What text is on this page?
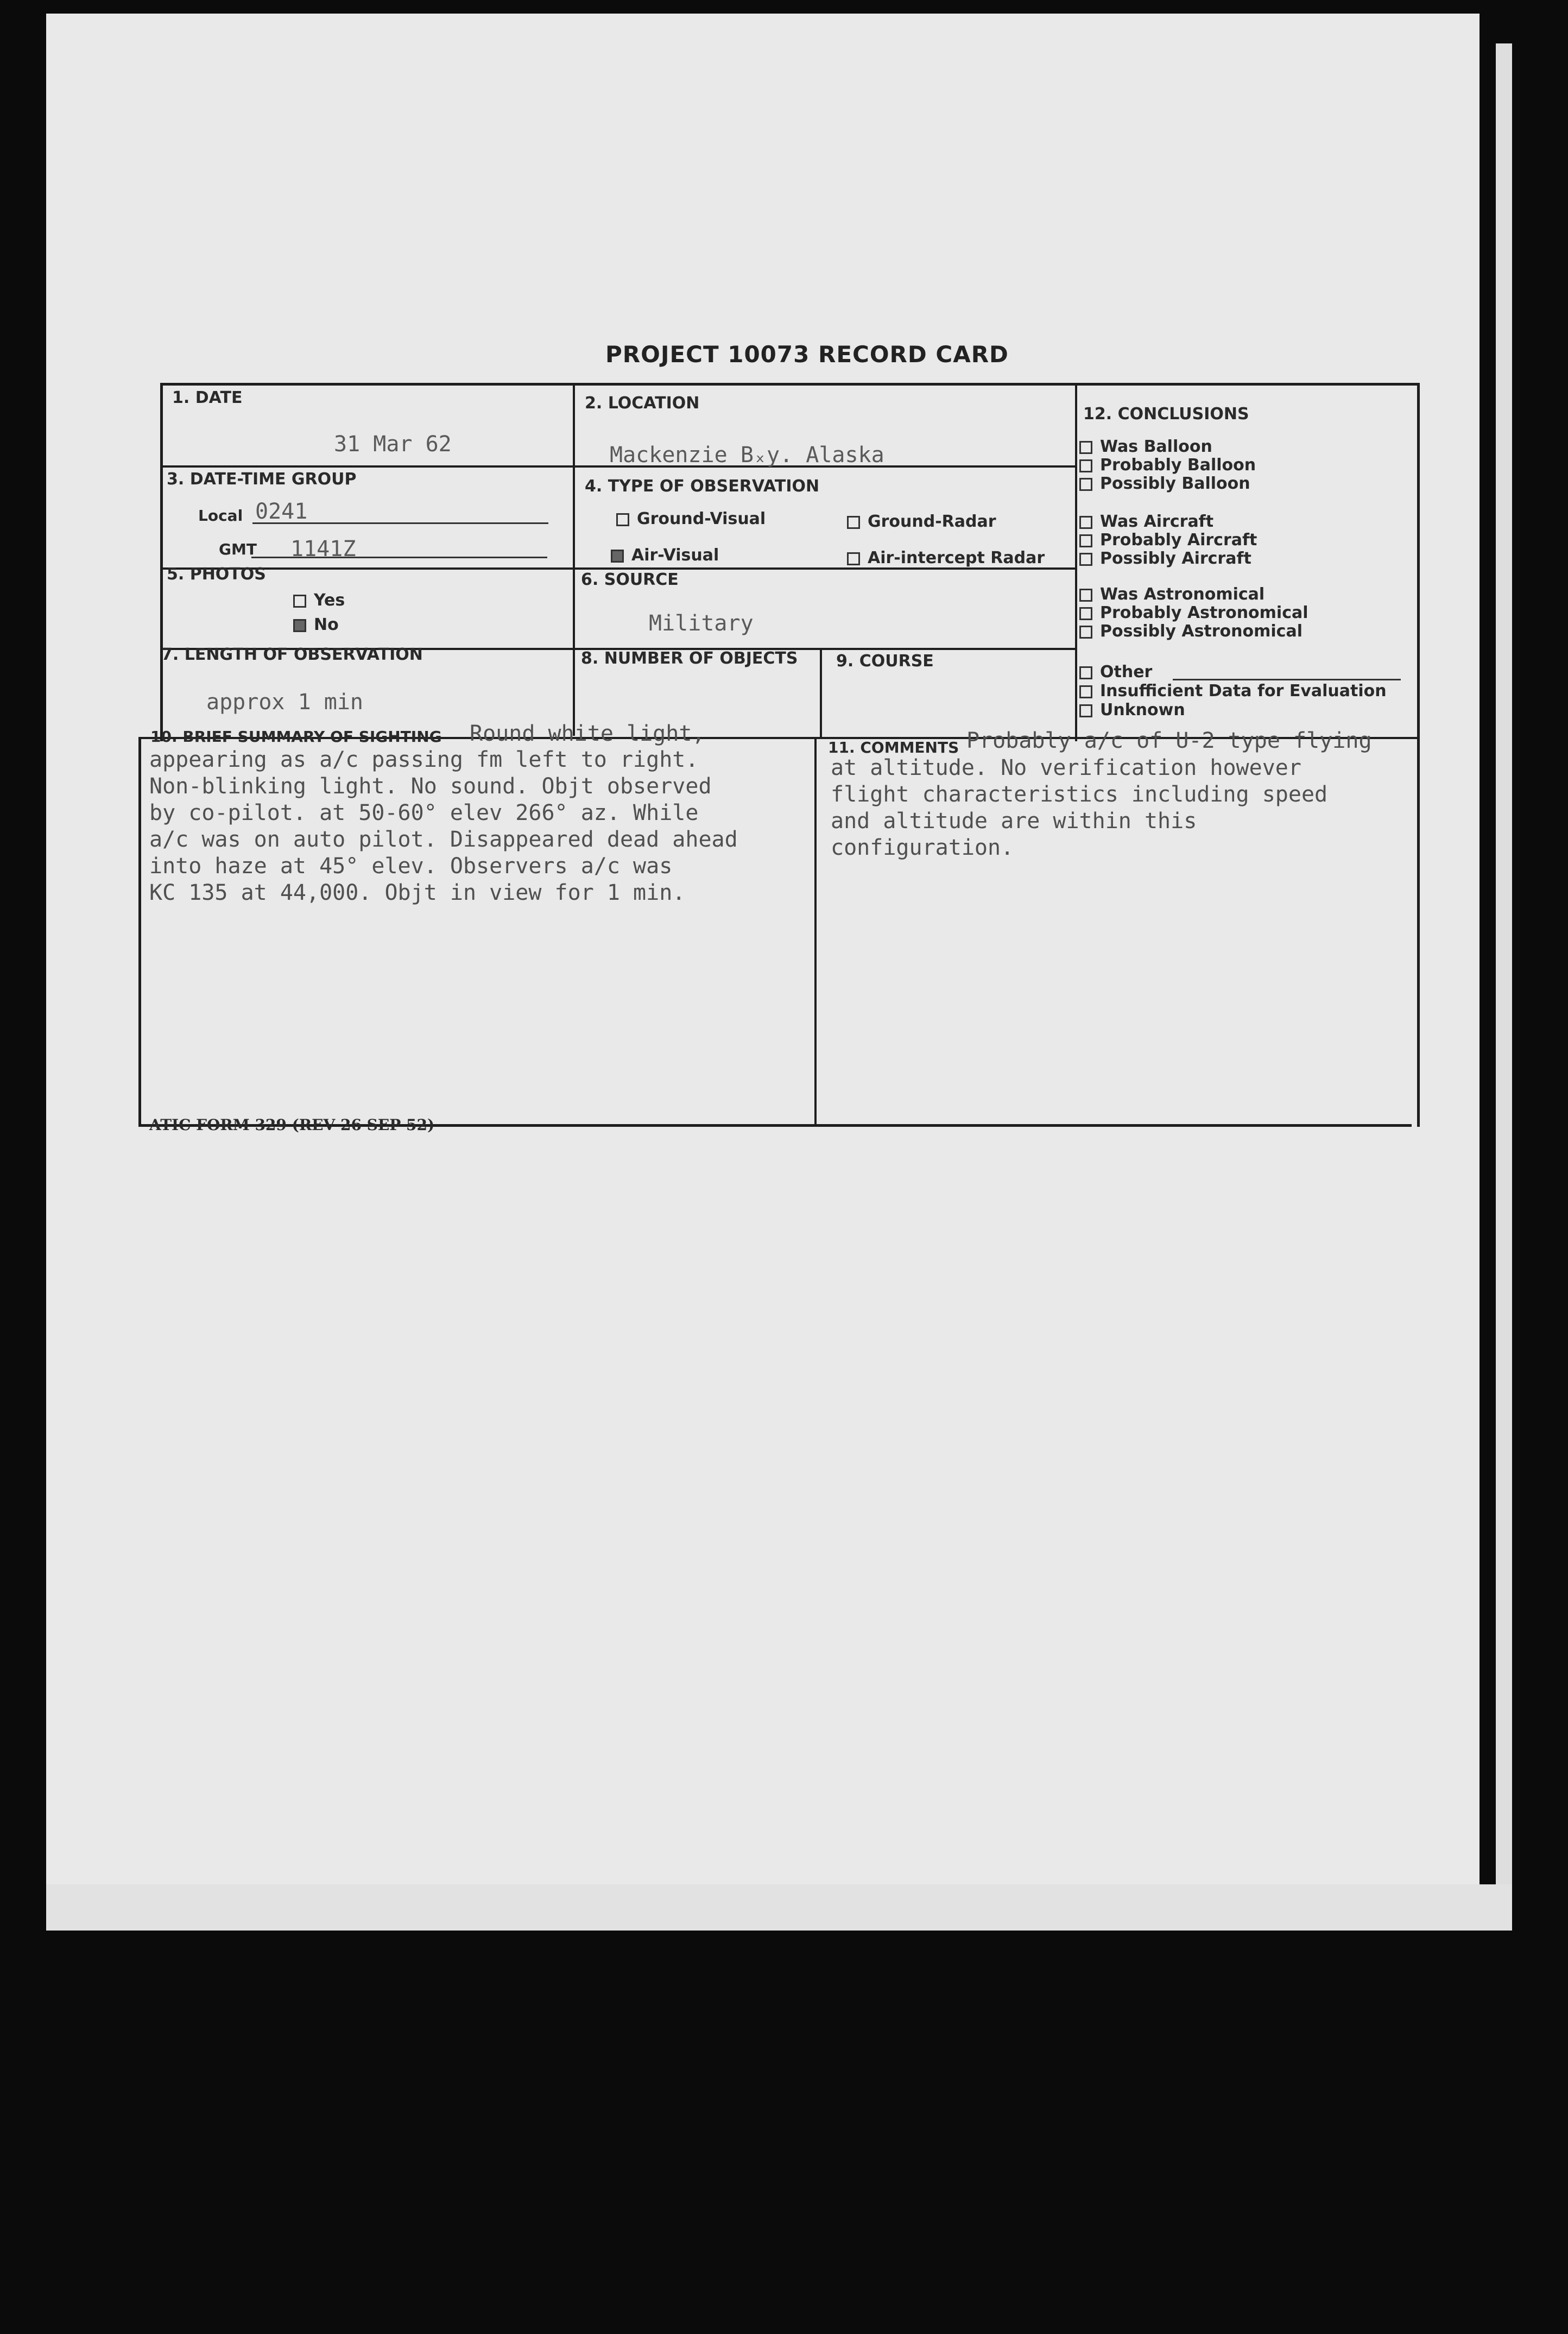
PROJECT 10073 RECORD CARD
1. DATE
31 Mar 62
2. LOCATION
Mackenzie Bₓy. Alaska
3. DATE-TIME GROUP
Local 0241
GMT 1141Z
4. TYPE OF OBSERVATION
Ground-Visual	Ground-Radar
Air-Visual	Air-intercept Radar
5. PHOTOS
Yes
No
6. SOURCE
Military
7. LENGTH OF OBSERVATION
approx 1 min
8. NUMBER OF OBJECTS 9. COURSE
10. BRIEF SUMMARY OF SIGHTING Round white light,
appearing as a/c passing fm left to right.
Non-blinking light. No sound. Objt observed
by co-pilot. at 50-60° elev 266° az. While
a/c was on auto pilot. Disappeared dead ahead
into haze at 45° elev. Observers a/c was
KC 135 at 44,000. Objt in view for 1 min.
11. COMMENTS Probably a/c of U-2 type flying
at altitude. No verification however
flight characteristics including speed
and altitude are within this
configuration.
12. CONCLUSIONS
Was Balloon
Probably Balloon
Possibly Balloon
Was Aircraft
Probably Aircraft
Possibly Aircraft
Was Astronomical
Probably Astronomical
Possibly Astronomical
Other
Insufficient Data for Evaluation
Unknown
ATIC FORM 329 (REV 26 SEP 52)
